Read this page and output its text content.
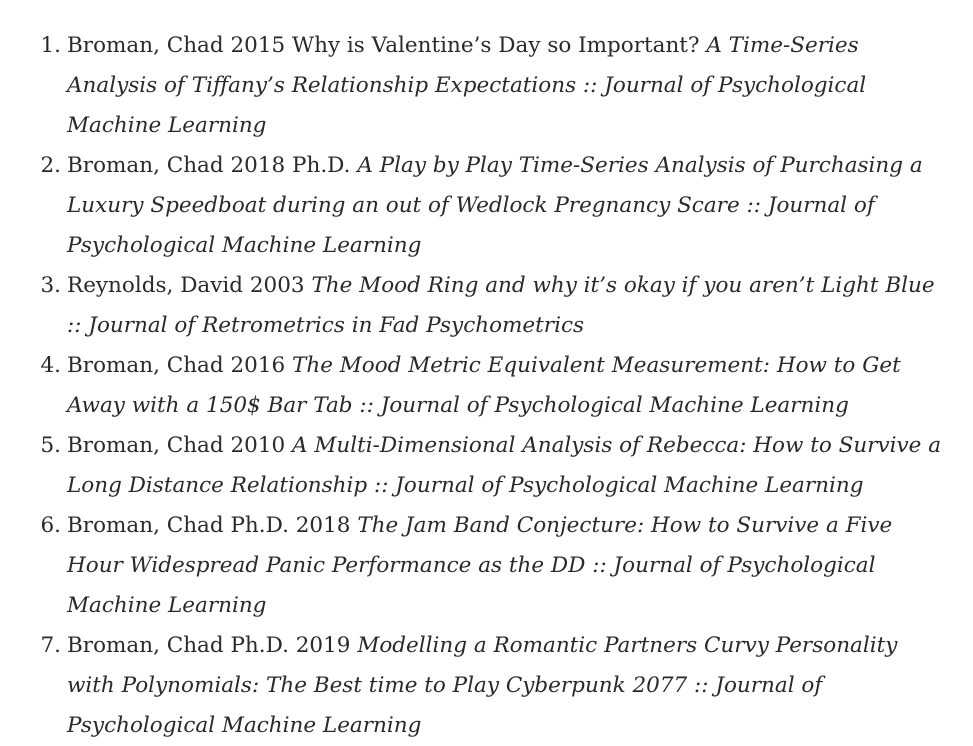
1. Broman, Chad 2015 Why is Valentine’s Day so Important? A Time-Series Analysis of Tiffany’s Relationship Expectations :: Journal of Psychological Machine Learning
2. Broman, Chad 2018 Ph.D. A Play by Play Time-Series Analysis of Purchasing a Luxury Speedboat during an out of Wedlock Pregnancy Scare :: Journal of Psychological Machine Learning
3. Reynolds, David 2003 The Mood Ring and why it’s okay if you aren’t Light Blue :: Journal of Retrometrics in Fad Psychometrics
4. Broman, Chad 2016 The Mood Metric Equivalent Measurement: How to Get Away with a 150$ Bar Tab :: Journal of Psychological Machine Learning
5. Broman, Chad 2010 A Multi-Dimensional Analysis of Rebecca: How to Survive a Long Distance Relationship :: Journal of Psychological Machine Learning
6. Broman, Chad Ph.D. 2018 The Jam Band Conjecture: How to Survive a Five Hour Widespread Panic Performance as the DD :: Journal of Psychological Machine Learning
7. Broman, Chad Ph.D. 2019 Modelling a Romantic Partners Curvy Personality with Polynomials: The Best time to Play Cyberpunk 2077 :: Journal of Psychological Machine Learning
